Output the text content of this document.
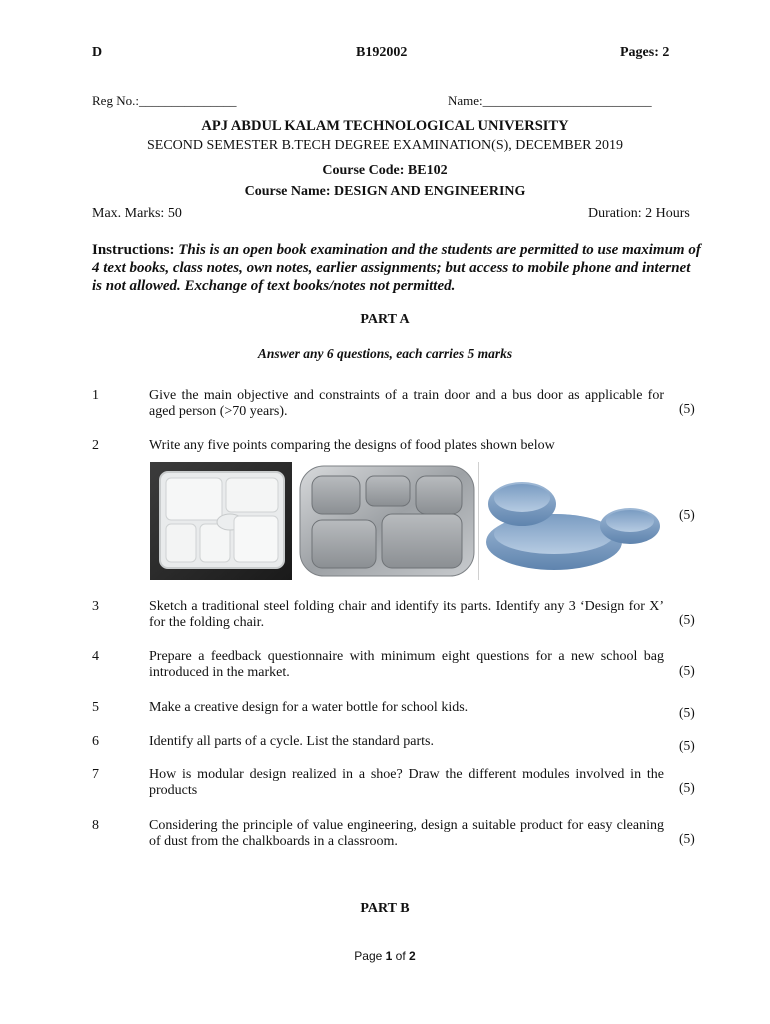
D	B192002	Pages: 2
Reg No.:_______________	Name:__________________________
APJ ABDUL KALAM TECHNOLOGICAL UNIVERSITY
SECOND SEMESTER B.TECH DEGREE EXAMINATION(S), DECEMBER 2019
Course Code: BE102
Course Name: DESIGN AND ENGINEERING
Max. Marks: 50	Duration: 2 Hours
Instructions: This is an open book examination and the students are permitted to use maximum of 4 text books, class notes, own notes, earlier assignments; but access to mobile phone and internet is not allowed. Exchange of text books/notes not permitted.
PART A
Answer any 6 questions, each carries 5 marks
1	Give the main objective and constraints of a train door and a bus door as applicable for aged person (>70 years).	(5)
2	Write any five points comparing the designs of food plates shown below
(5)
3	Sketch a traditional steel folding chair and identify its parts. Identify any 3 ‘Design for X’ for the folding chair.	(5)
4	Prepare a feedback questionnaire with minimum eight questions for a new school bag introduced in the market.	(5)
5	Make a creative design for a water bottle for school kids.	(5)
6	Identify all parts of a cycle. List the standard parts.	(5)
7	How is modular design realized in a shoe? Draw the different modules involved in the products	(5)
8	Considering the principle of value engineering, design a suitable product for easy cleaning of dust from the chalkboards in a classroom.	(5)
PART B
Page 1 of 2
